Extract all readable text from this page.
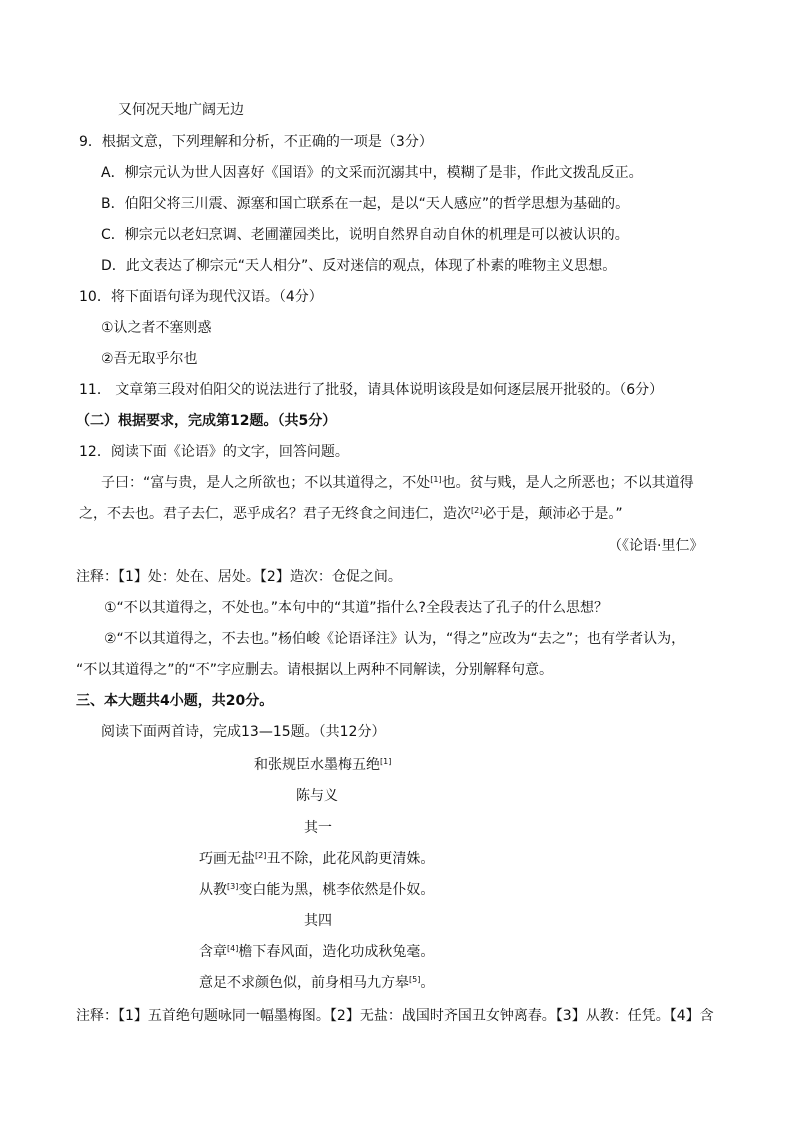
又何况天地广阔无边
9．根据文意，下列理解和分析，不正确的一项是（3分）
A．柳宗元认为世人因喜好《国语》的文采而沉溺其中，模糊了是非，作此文拨乱反正。
B．伯阳父将三川震、源塞和国亡联系在一起，是以“天人感应”的哲学思想为基础的。
C．柳宗元以老妇烹调、老圃灌园类比，说明自然界自动自休的机理是可以被认识的。
D．此文表达了柳宗元“天人相分”、反对迷信的观点，体现了朴素的唯物主义思想。
10．将下面语句译为现代汉语。（4分）
①认之者不塞则惑
②吾无取乎尔也
11． 文章第三段对伯阳父的说法进行了批驳，请具体说明该段是如何逐层展开批驳的。（6分）
（二）根据要求，完成第12题。（共5分）
12．阅读下面《论语》的文字，回答问题。
子曰：“富与贵，是人之所欲也；不以其道得之，不处[1]也。贫与贱，是人之所恶也；不以其道得
之，不去也。君子去仁，恶乎成名？君子无终食之间违仁，造次[2]必于是，颠沛必于是。”
（《论语·里仁》
注释：【1】处：处在、居处。【2】造次：仓促之间。
①“不以其道得之，不处也。”本句中的“其道”指什么?全段表达了孔子的什么思想？
②“不以其道得之，不去也。”杨伯峻《论语译注》认为，“得之”应改为“去之”；也有学者认为，
“不以其道得之”的“不”字应删去。请根据以上两种不同解读，分别解释句意。
三、本大题共4小题，共20分。
阅读下面两首诗，完成13—15题。（共12分）
和张规臣水墨梅五绝[1]
陈与义
其一
巧画无盐[2]丑不除，此花风韵更清姝。
从教[3]变白能为黑，桃李依然是仆奴。
其四
含章[4]檐下春风面，造化功成秋兔毫。
意足不求颜色似，前身相马九方皋[5]。
注释：【1】五首绝句题咏同一幅墨梅图。【2】无盐：战国时齐国丑女钟离春。【3】从教：任凭。【4】含
